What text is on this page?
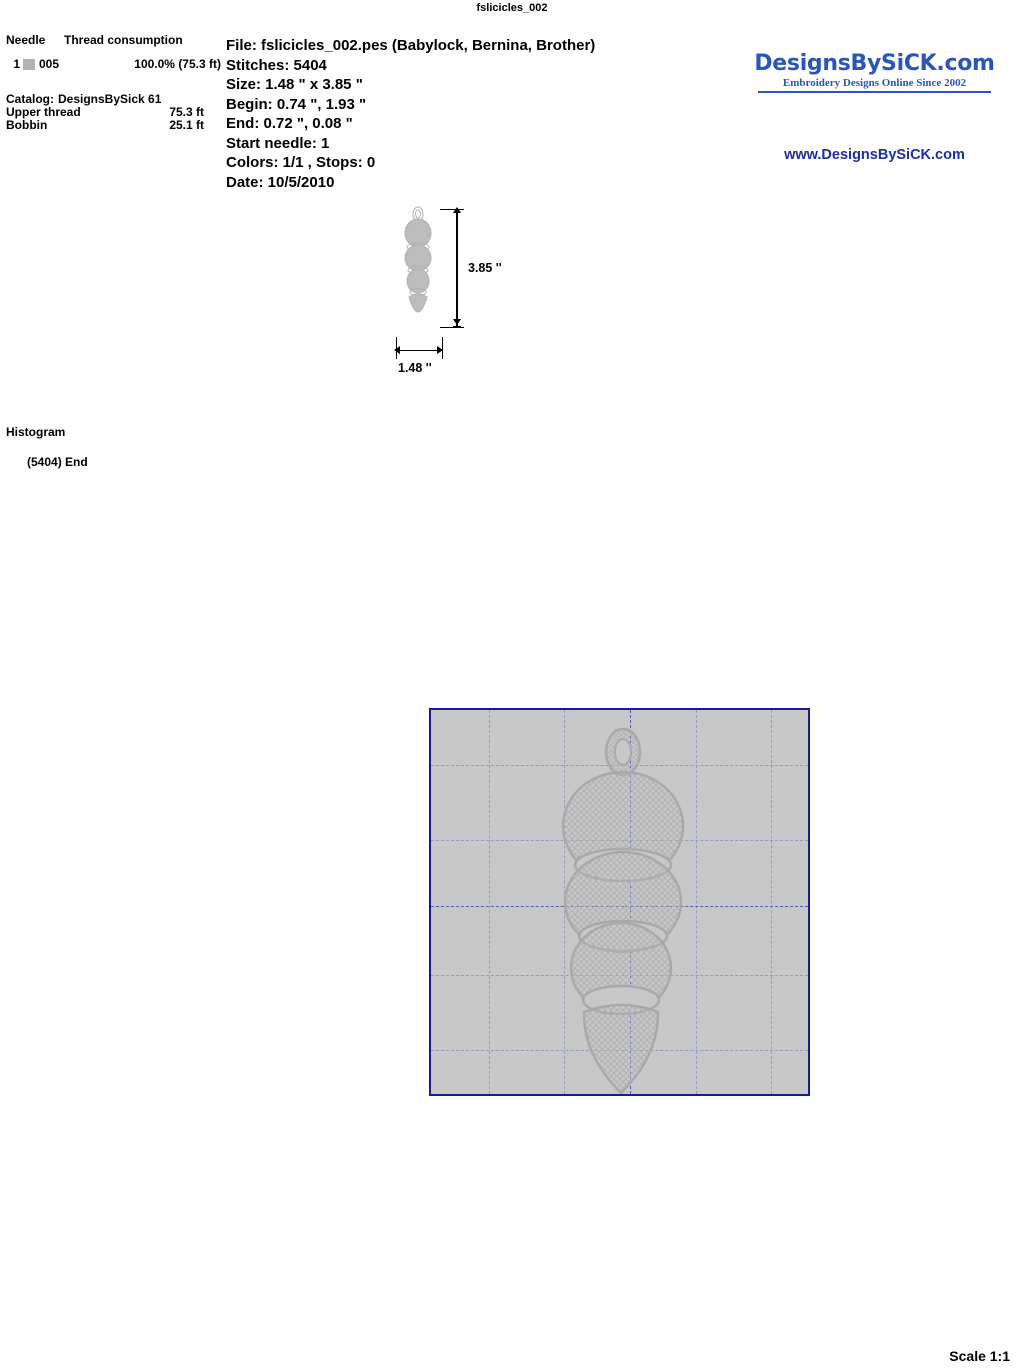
fslicicles_002
Needle	Thread consumption
1 005	100.0% (75.3 ft)
Catalog: DesignsBySick 61
Upper thread	75.3 ft
Bobbin	25.1 ft
File: fslicicles_002.pes (Babylock, Bernina, Brother)
Stitches: 5404
Size: 1.48 " x 3.85 "
Begin: 0.74 ", 1.93 "
End: 0.72 ", 0.08 "
Start needle: 1
Colors: 1/1 , Stops: 0
Date: 10/5/2010
DesignsBySiCK.com
Embroidery Designs Online Since 2002
www.DesignsBySiCK.com
3.85 ''
1.48 ''
Histogram
(5404) End
Scale 1:1
